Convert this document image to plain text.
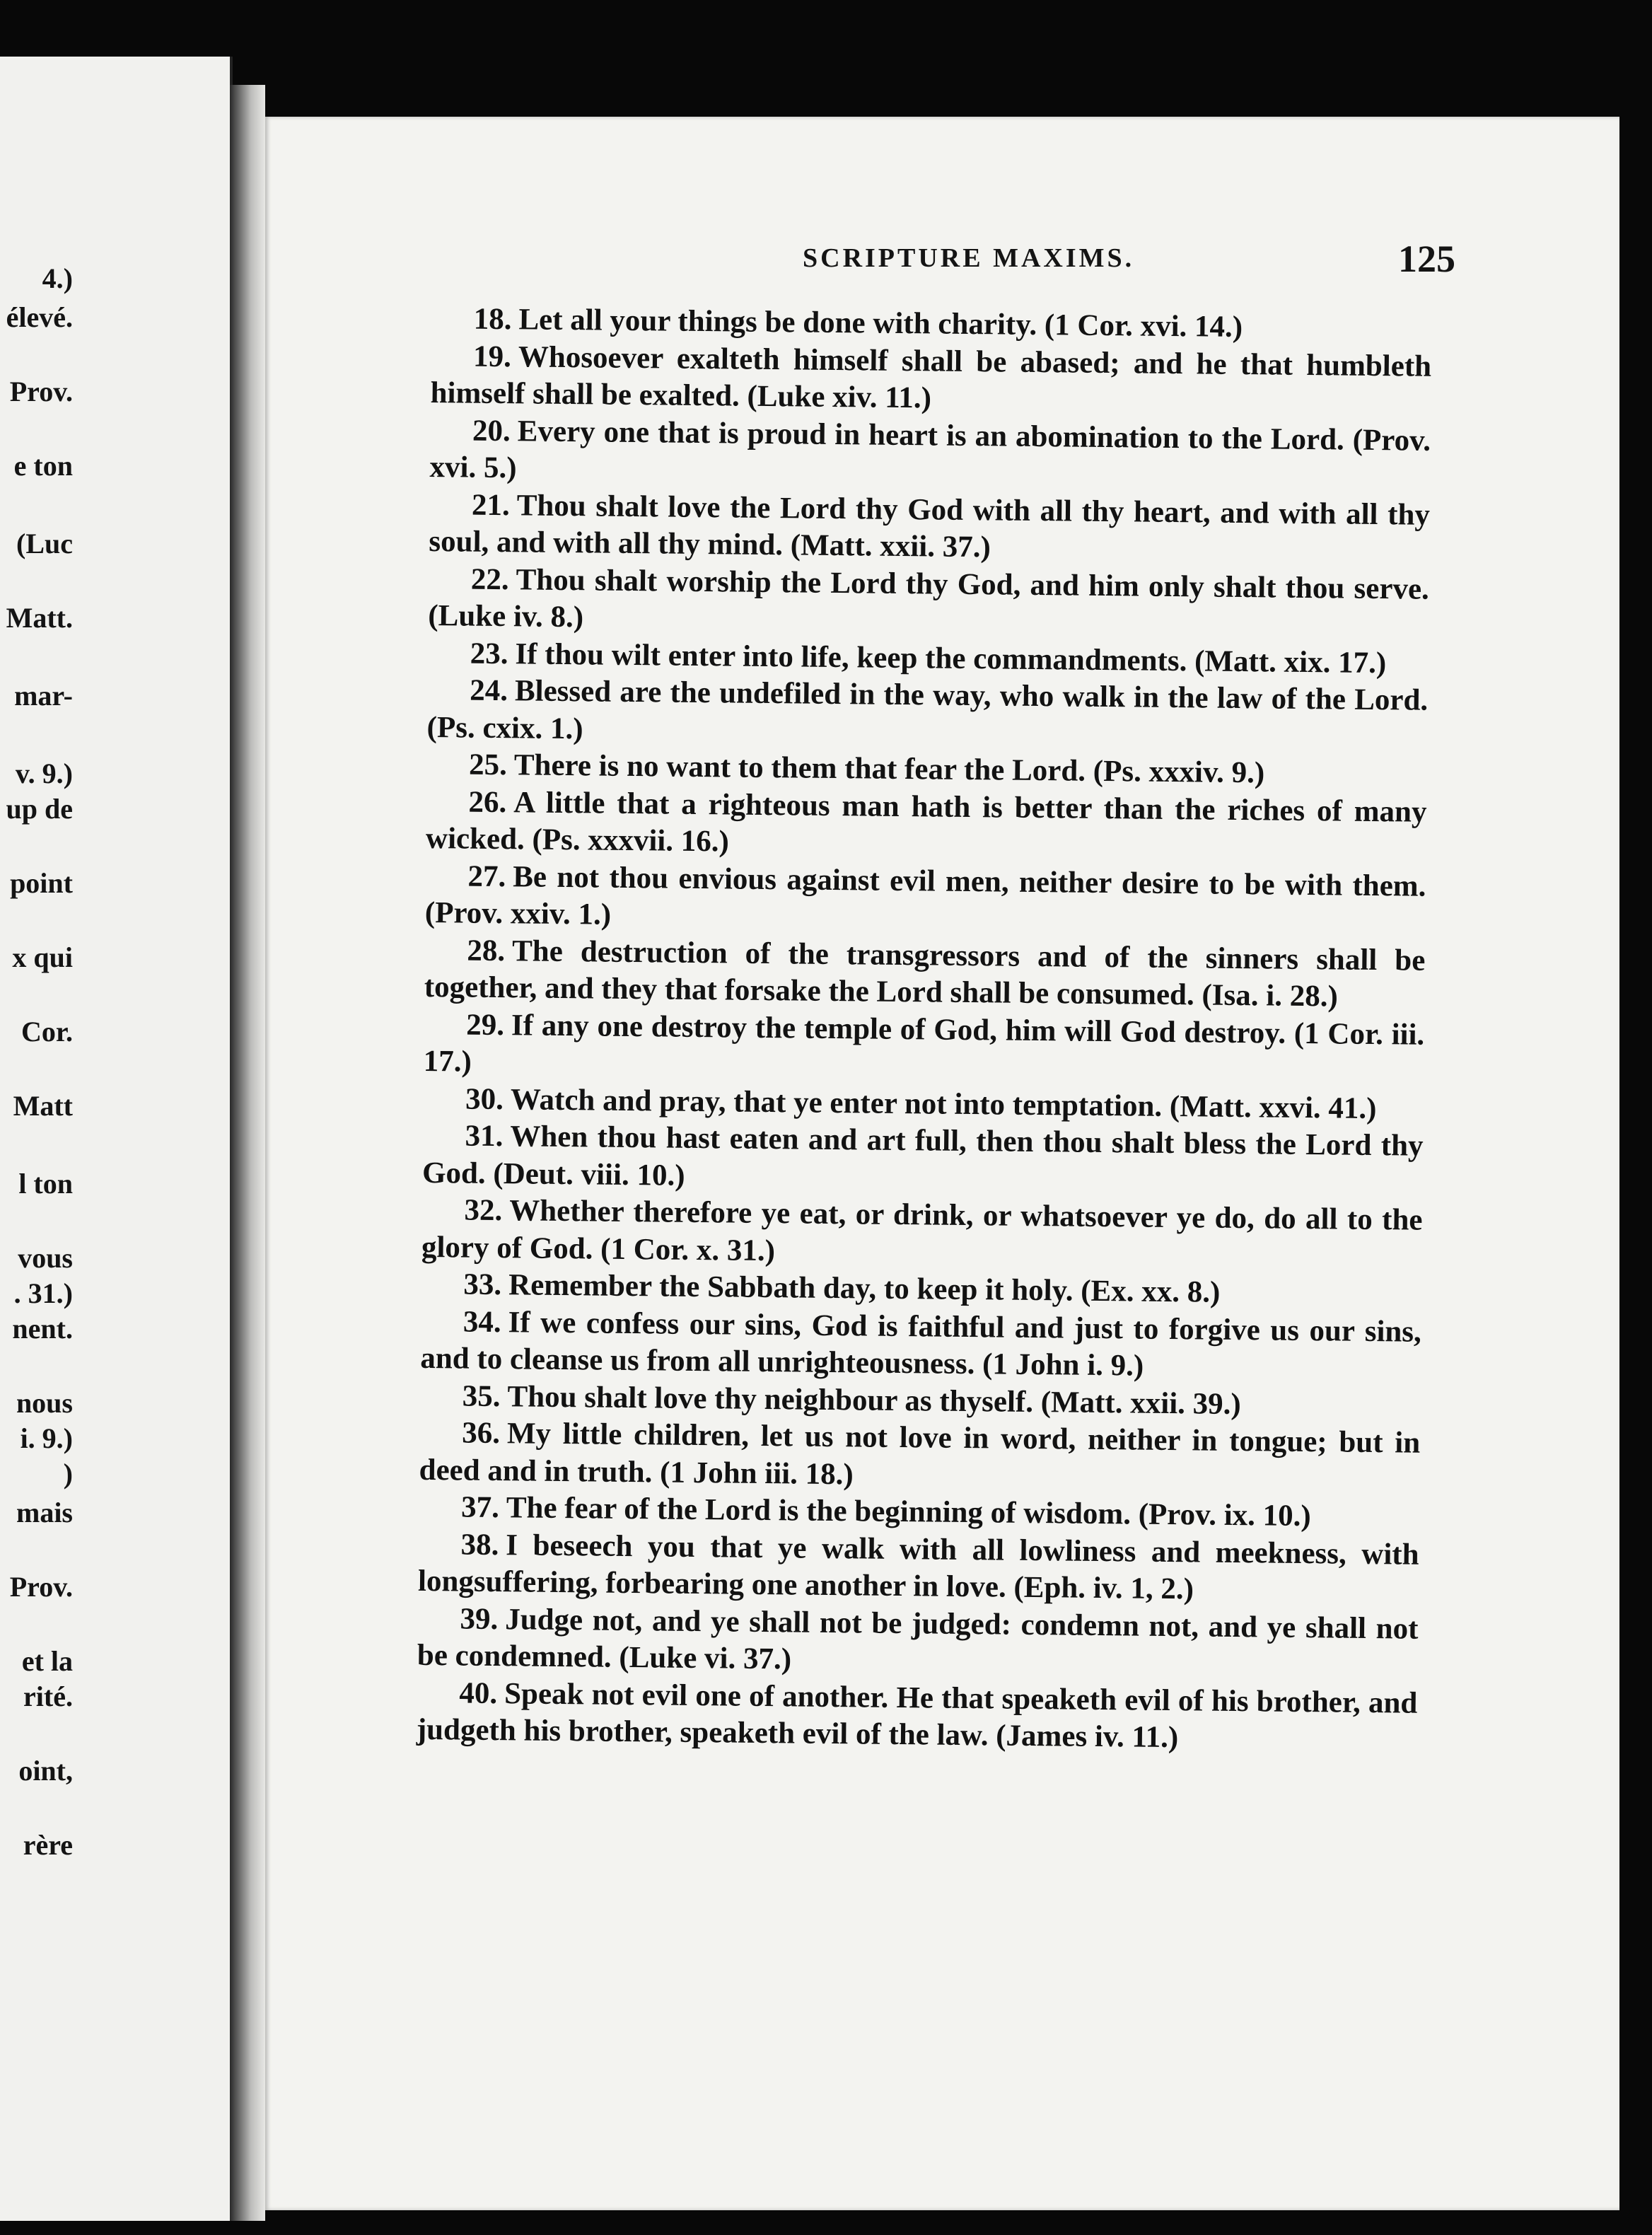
4.)
élevé.
Prov.
e ton
(Luc
Matt.
mar-
v. 9.)
up de
point
x qui
Cor.
Matt
l ton
vous
. 31.)
nent.
nous
i. 9.)
)
mais
Prov.
et la
rité.
oint,
rère
SCRIPTURE MAXIMS.	125

18. Let all your things be done with charity. (1 Cor. xvi. 14.)

19. Whosoever exalteth himself shall be abased; and he that humbleth himself shall be exalted. (Luke xiv. 11.)

20. Every one that is proud in heart is an abomination to the Lord. (Prov. xvi. 5.)

21. Thou shalt love the Lord thy God with all thy heart, and with all thy soul, and with all thy mind. (Matt. xxii. 37.)

22. Thou shalt worship the Lord thy God, and him only shalt thou serve. (Luke iv. 8.)

23. If thou wilt enter into life, keep the commandments. (Matt. xix. 17.)

24. Blessed are the undefiled in the way, who walk in the law of the Lord. (Ps. cxix. 1.)

25. There is no want to them that fear the Lord. (Ps. xxxiv. 9.)

26. A little that a righteous man hath is better than the riches of many wicked. (Ps. xxxvii. 16.)

27. Be not thou envious against evil men, neither desire to be with them. (Prov. xxiv. 1.)

28. The destruction of the transgressors and of the sinners shall be together, and they that forsake the Lord shall be consumed. (Isa. i. 28.)

29. If any one destroy the temple of God, him will God destroy. (1 Cor. iii. 17.)

30. Watch and pray, that ye enter not into temptation. (Matt. xxvi. 41.)

31. When thou hast eaten and art full, then thou shalt bless the Lord thy God. (Deut. viii. 10.)

32. Whether therefore ye eat, or drink, or whatsoever ye do, do all to the glory of God. (1 Cor. x. 31.)

33. Remember the Sabbath day, to keep it holy. (Ex. xx. 8.)

34. If we confess our sins, God is faithful and just to forgive us our sins, and to cleanse us from all unrighteousness. (1 John i. 9.)

35. Thou shalt love thy neighbour as thyself. (Matt. xxii. 39.)

36. My little children, let us not love in word, neither in tongue; but in deed and in truth. (1 John iii. 18.)

37. The fear of the Lord is the beginning of wisdom. (Prov. ix. 10.)

38. I beseech you that ye walk with all lowliness and meekness, with longsuffering, forbearing one another in love. (Eph. iv. 1, 2.)

39. Judge not, and ye shall not be judged: condemn not, and ye shall not be condemned. (Luke vi. 37.)

40. Speak not evil one of another. He that speaketh evil of his brother, and judgeth his brother, speaketh evil of the law. (James iv. 11.)
